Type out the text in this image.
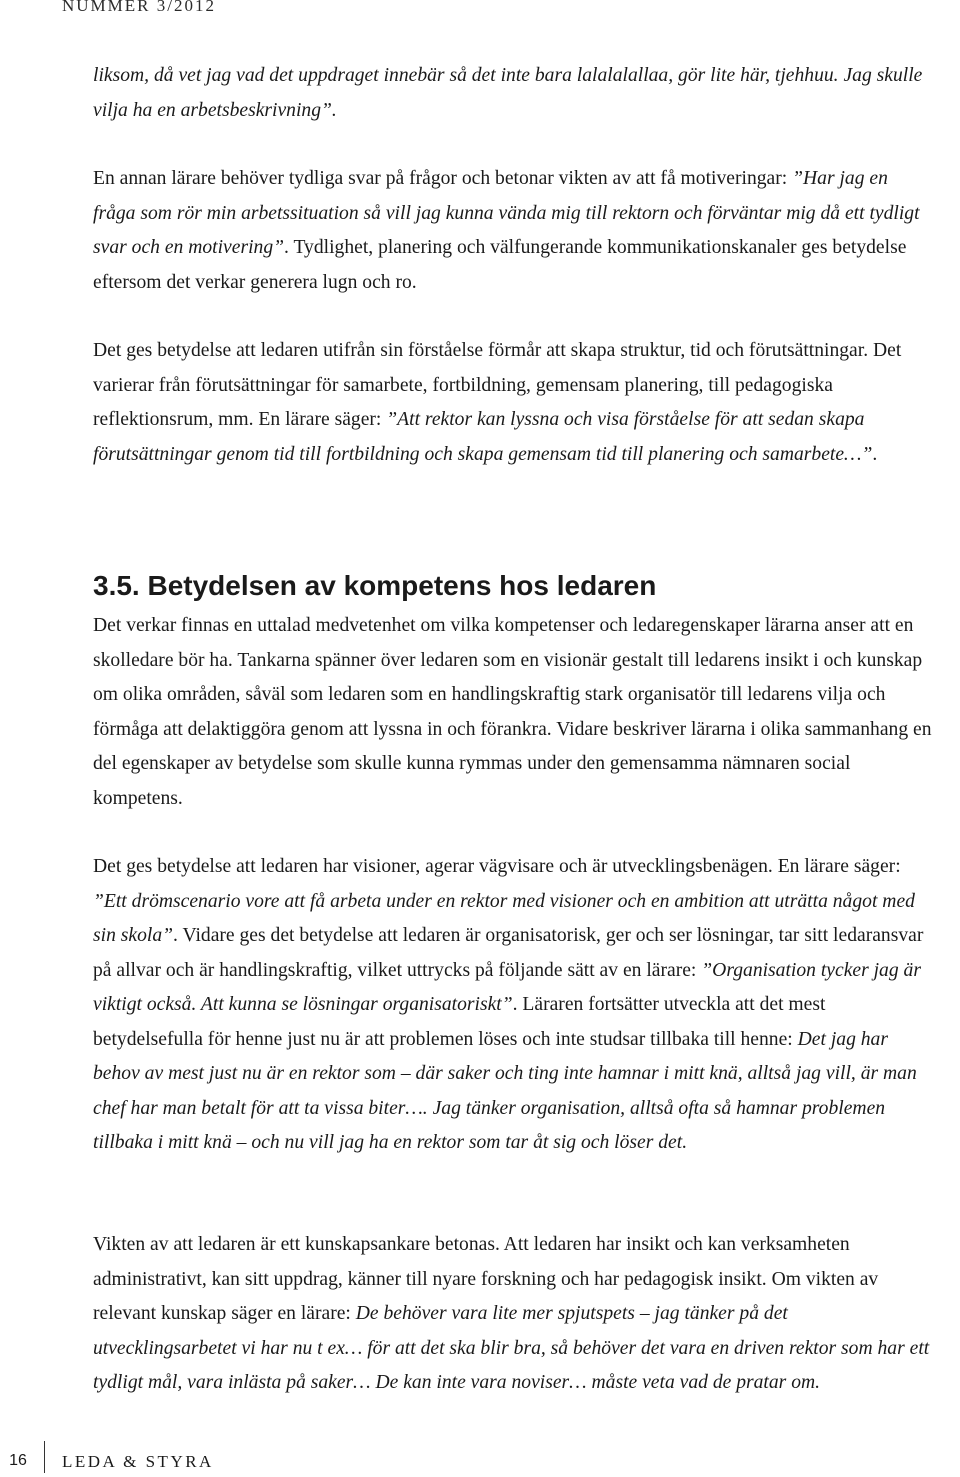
NUMMER 3/2012

liksom, då vet jag vad det uppdraget innebär så det inte bara lalalalallaa, gör lite här, tjehhuu. Jag skulle vilja ha en arbetsbeskrivning”.

En annan lärare behöver tydliga svar på frågor och betonar vikten av att få motiveringar: ”Har jag en fråga som rör min arbetssituation så vill jag kunna vända mig till rektorn och förväntar mig då ett tydligt svar och en motivering”. Tydlighet, planering och välfungerande kommunikationskanaler ges betydelse eftersom det verkar generera lugn och ro.

Det ges betydelse att ledaren utifrån sin förståelse förmår att skapa struktur, tid och förutsättningar. Det varierar från förutsättningar för samarbete, fortbildning, gemensam planering, till pedagogiska reflektionsrum, mm. En lärare säger: ”Att rektor kan lyssna och visa förståelse för att sedan skapa förutsättningar genom tid till fortbildning och skapa gemensam tid till planering och samarbete…”.

3.5. Betydelsen av kompetens hos ledaren

Det verkar finnas en uttalad medvetenhet om vilka kompetenser och ledaregenskaper lärarna anser att en skolledare bör ha. Tankarna spänner över ledaren som en visionär gestalt till ledarens insikt i och kunskap om olika områden, såväl som ledaren som en handlingskraftig stark organisatör till ledarens vilja och förmåga att delaktiggöra genom att lyssna in och förankra. Vidare beskriver lärarna i olika sammanhang en del egenskaper av betydelse som skulle kunna rymmas under den gemensamma nämnaren social kompetens.

Det ges betydelse att ledaren har visioner, agerar vägvisare och är utvecklingsbenägen. En lärare säger: ”Ett drömscenario vore att få arbeta under en rektor med visioner och en ambition att uträtta något med sin skola”. Vidare ges det betydelse att ledaren är organisatorisk, ger och ser lösningar, tar sitt ledaransvar på allvar och är handlingskraftig, vilket uttrycks på följande sätt av en lärare: ”Organisation tycker jag är viktigt också. Att kunna se lösningar organisatoriskt”. Läraren fortsätter utveckla att det mest betydelsefulla för henne just nu är att problemen löses och inte studsar tillbaka till henne: Det jag har behov av mest just nu är en rektor som – där saker och ting inte hamnar i mitt knä, alltså jag vill, är man chef har man betalt för att ta vissa biter…. Jag tänker organisation, alltså ofta så hamnar problemen tillbaka i mitt knä – och nu vill jag ha en rektor som tar åt sig och löser det.

Vikten av att ledaren är ett kunskapsankare betonas. Att ledaren har insikt och kan verksamheten administrativt, kan sitt uppdrag, känner till nyare forskning och har pedagogisk insikt. Om vikten av relevant kunskap säger en lärare: De behöver vara lite mer spjutspets – jag tänker på det utvecklingsarbetet vi har nu t ex… för att det ska blir bra, så behöver det vara en driven rektor som har ett tydligt mål, vara inlästa på saker… De kan inte vara noviser… måste veta vad de pratar om.

16	LEDA & STYRA
